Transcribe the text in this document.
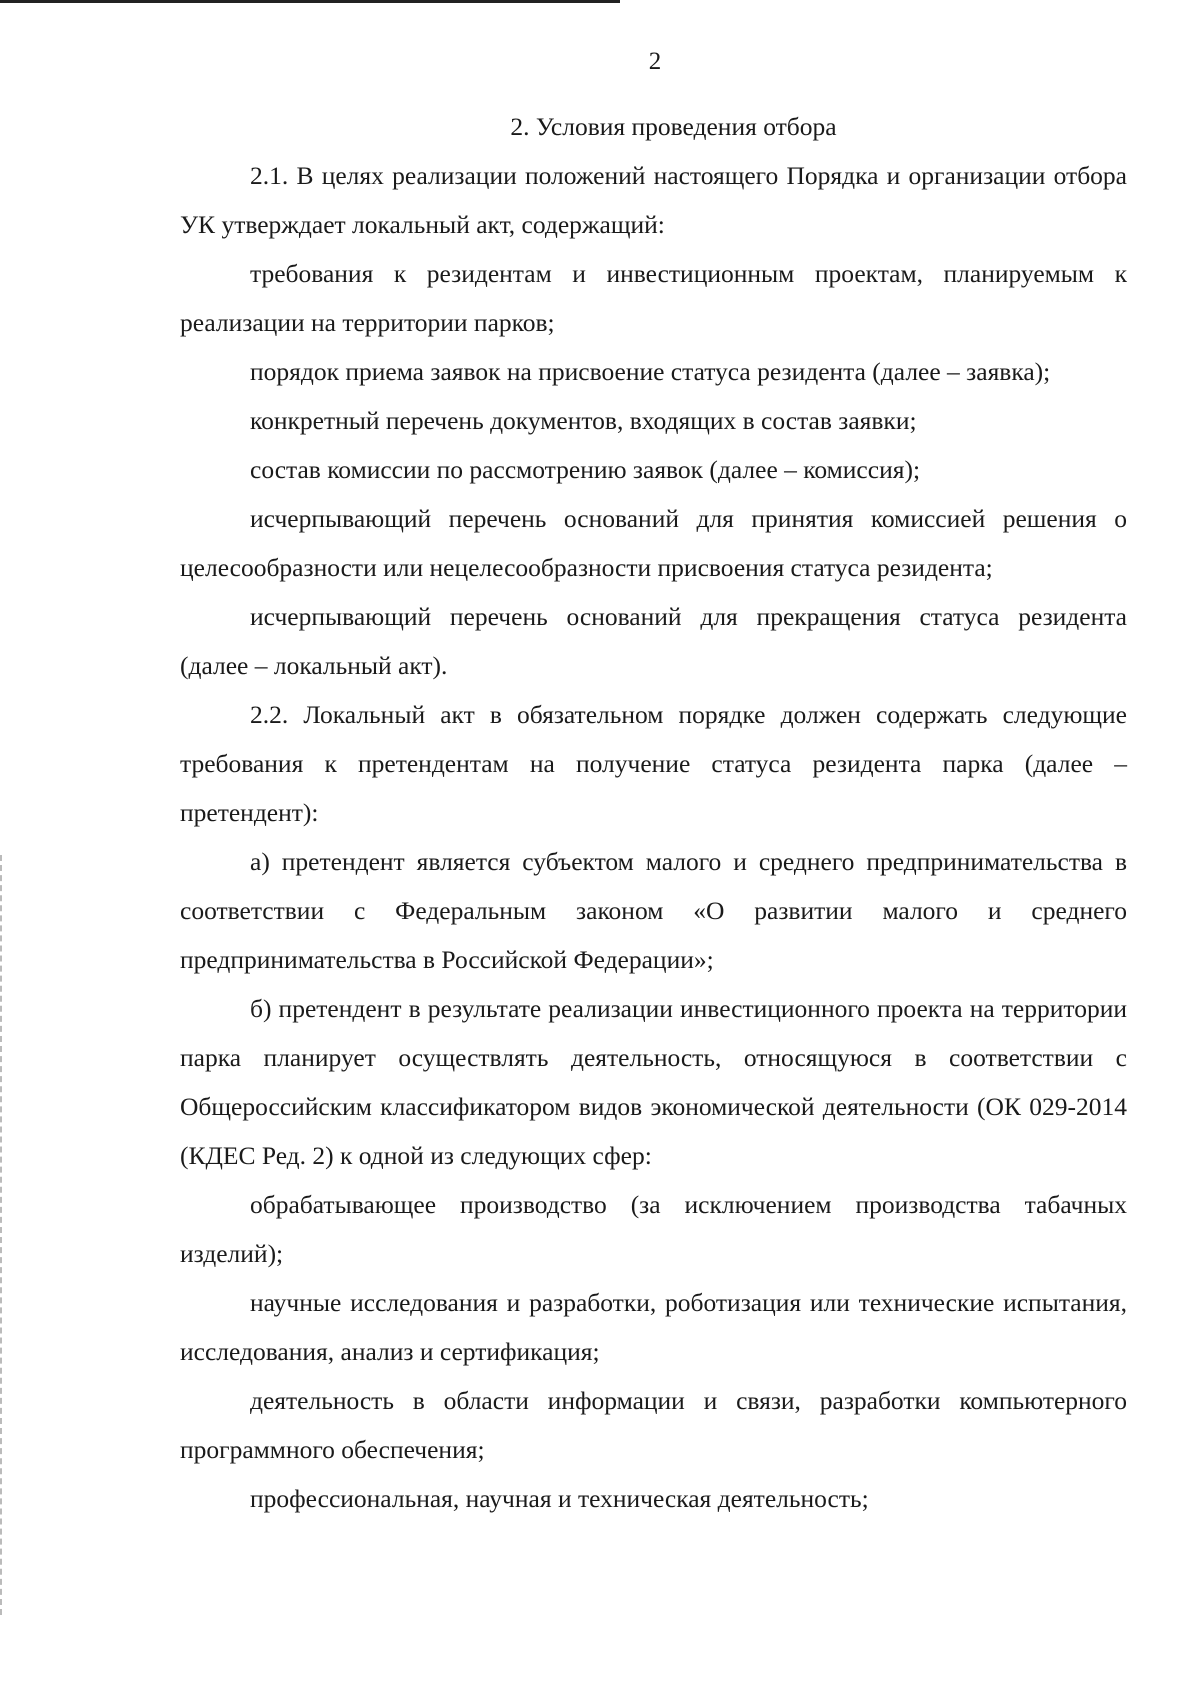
2

2. Условия проведения отбора

2.1. В целях реализации положений настоящего Порядка и организации отбора УК утверждает локальный акт, содержащий:

требования к резидентам и инвестиционным проектам, планируемым к реализации на территории парков;

порядок приема заявок на присвоение статуса резидента (далее – заявка);

конкретный перечень документов, входящих в состав заявки;

состав комиссии по рассмотрению заявок (далее – комиссия);

исчерпывающий перечень оснований для принятия комиссией решения о целесообразности или нецелесообразности присвоения статуса резидента;

исчерпывающий перечень оснований для прекращения статуса резидента (далее – локальный акт).

2.2. Локальный акт в обязательном порядке должен содержать следующие требования к претендентам на получение статуса резидента парка (далее – претендент):

а) претендент является субъектом малого и среднего предпринимательства в соответствии с Федеральным законом «О развитии малого и среднего предпринимательства в Российской Федерации»;

б) претендент в результате реализации инвестиционного проекта на территории парка планирует осуществлять деятельность, относящуюся в соответствии с Общероссийским классификатором видов экономической деятельности (ОК 029-2014 (КДЕС Ред. 2) к одной из следующих сфер:

обрабатывающее производство (за исключением производства табачных изделий);

научные исследования и разработки, роботизация или технические испытания, исследования, анализ и сертификация;

деятельность в области информации и связи, разработки компьютерного программного обеспечения;

профессиональная, научная и техническая деятельность;
